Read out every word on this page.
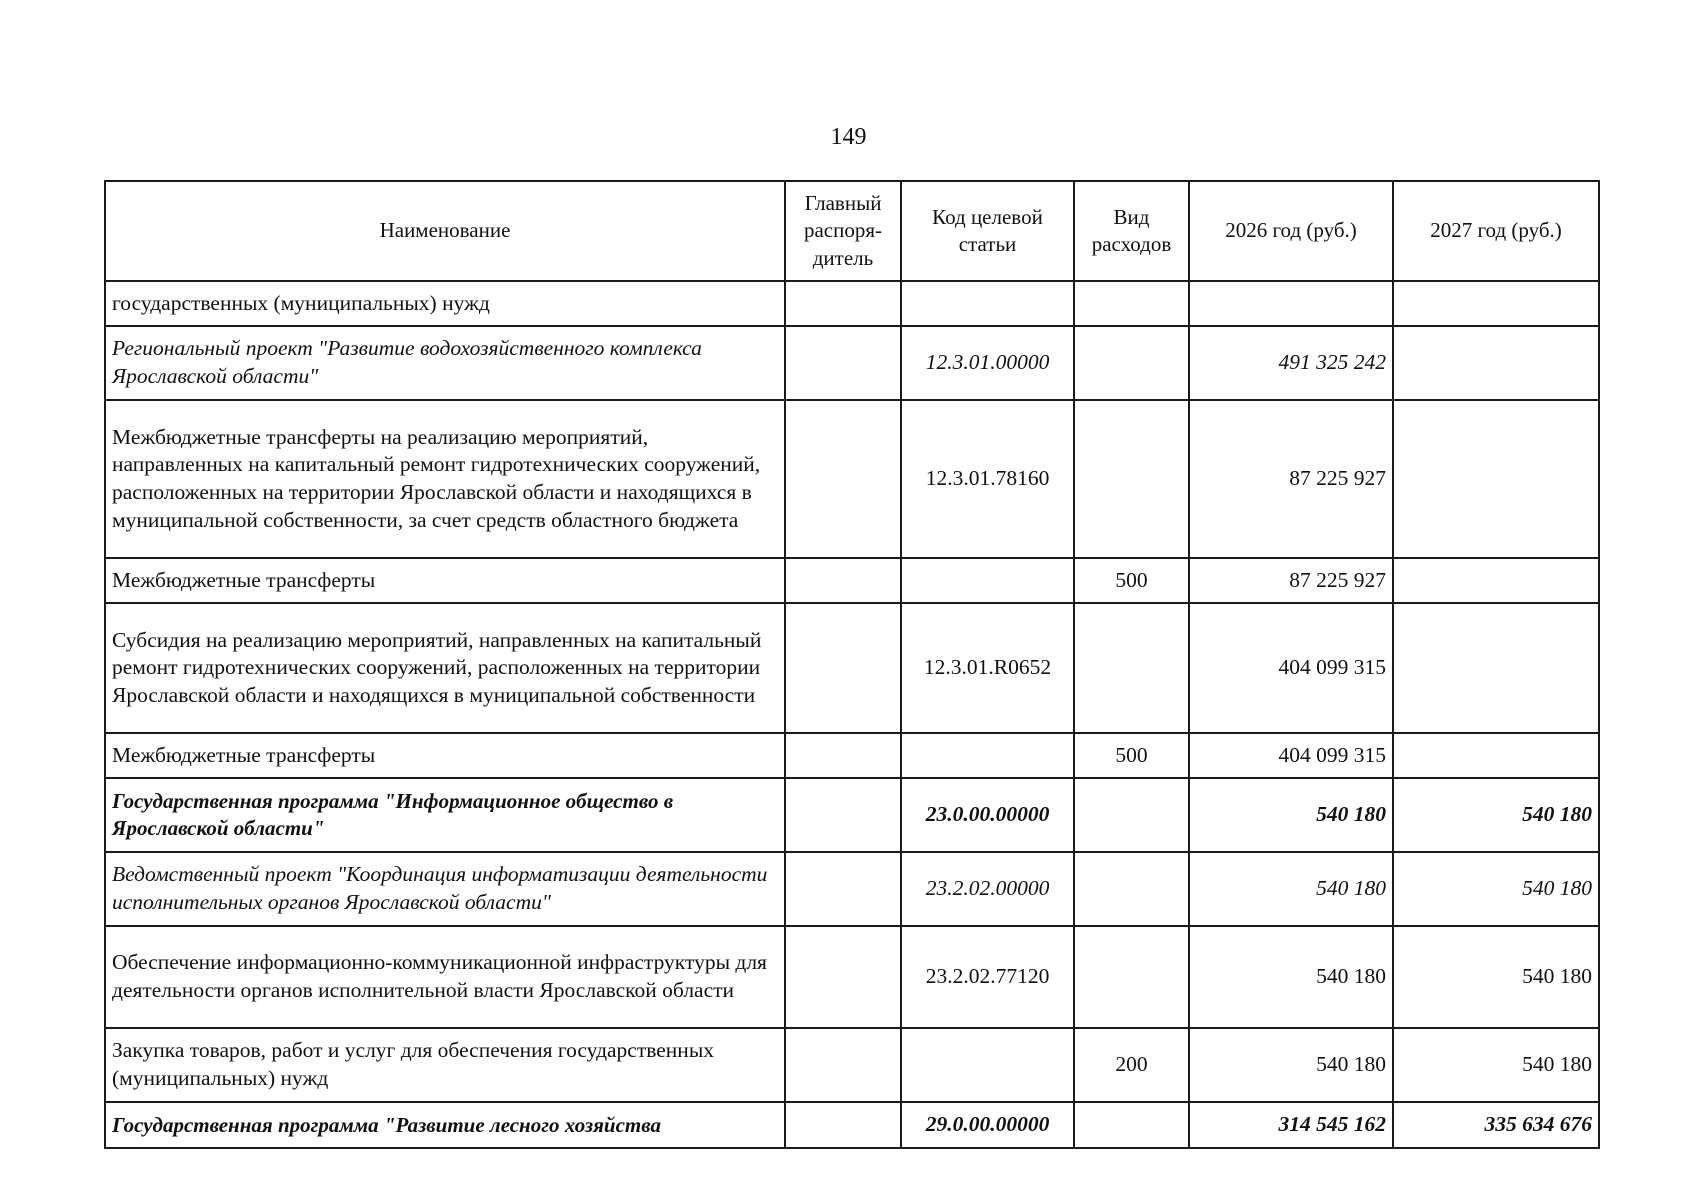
149
Наименование	Главный распоря-дитель	Код целевой статьи	Вид расходов	2026 год (руб.)	2027 год (руб.)
государственных (муниципальных) нужд					
Региональный проект "Развитие водохозяйственного комплекса Ярославской области"		12.3.01.00000		491 325 242	
Межбюджетные трансферты на реализацию мероприятий, направленных на капитальный ремонт гидротехнических сооружений, расположенных на территории Ярославской области и находящихся в муниципальной собственности, за счет средств областного бюджета		12.3.01.78160		87 225 927	
Межбюджетные трансферты			500	87 225 927	
Субсидия на реализацию мероприятий, направленных на капитальный ремонт гидротехнических сооружений, расположенных на территории Ярославской области и находящихся в муниципальной собственности		12.3.01.R0652		404 099 315	
Межбюджетные трансферты			500	404 099 315	
Государственная программа "Информационное общество в Ярославской области"		23.0.00.00000		540 180	540 180
Ведомственный проект "Координация информатизации деятельности исполнительных органов Ярославской области"		23.2.02.00000		540 180	540 180
Обеспечение информационно-коммуникационной инфраструктуры для деятельности органов исполнительной власти Ярославской области		23.2.02.77120		540 180	540 180
Закупка товаров, работ и услуг для обеспечения государственных (муниципальных) нужд			200	540 180	540 180
Государственная программа "Развитие лесного хозяйства		29.0.00.00000		314 545 162	335 634 676
